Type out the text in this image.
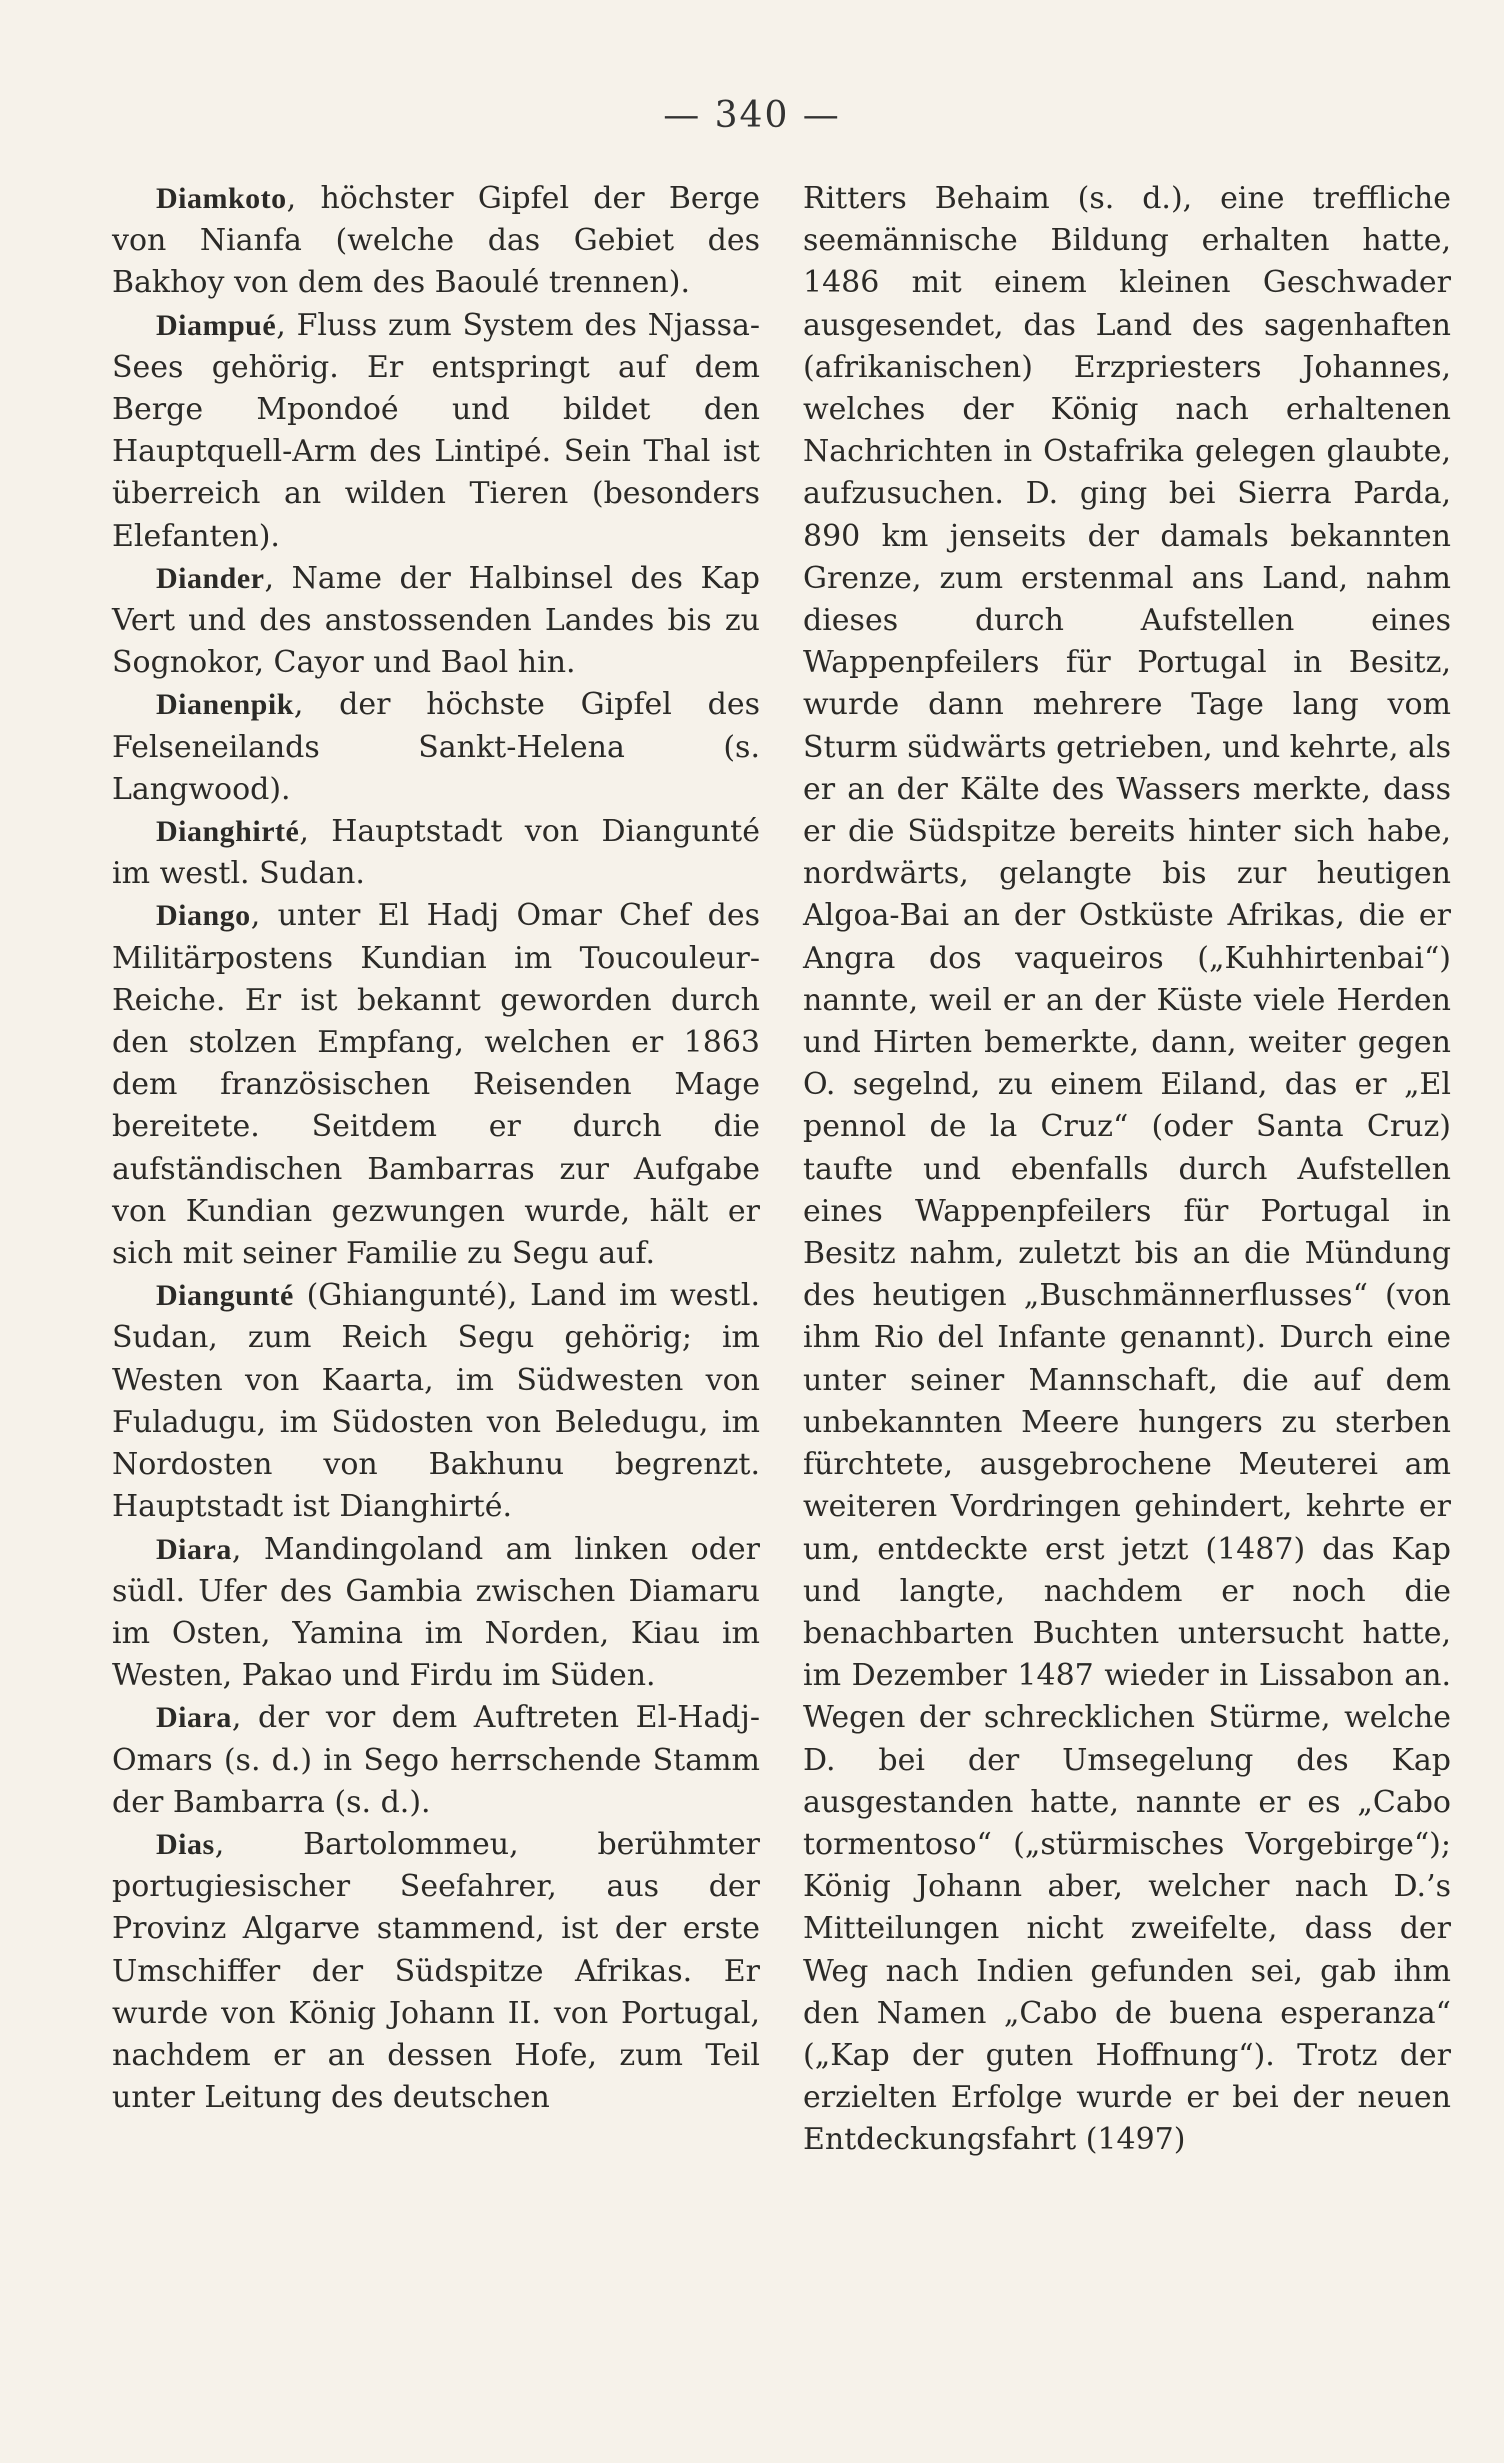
— 340 —

Diamkoto, höchster Gipfel der Berge von Nianfa (welche das Gebiet des Bakhoy von dem des Baoulé trennen).

Diampué, Fluss zum System des Njassa-Sees gehörig. Er entspringt auf dem Berge Mpondoé und bildet den Hauptquell-Arm des Lintipé. Sein Thal ist überreich an wilden Tieren (besonders Elefanten).

Diander, Name der Halbinsel des Kap Vert und des anstossenden Landes bis zu Sognokor, Cayor und Baol hin.

Dianenpik, der höchste Gipfel des Felseneilands Sankt-Helena (s. Langwood).

Dianghirté, Hauptstadt von Diangunté im westl. Sudan.

Diango, unter El Hadj Omar Chef des Militärpostens Kundian im Toucouleur-Reiche. Er ist bekannt geworden durch den stolzen Empfang, welchen er 1863 dem französischen Reisenden Mage bereitete. Seitdem er durch die aufständischen Bambarras zur Aufgabe von Kundian gezwungen wurde, hält er sich mit seiner Familie zu Segu auf.

Diangunté (Ghiangunté), Land im westl. Sudan, zum Reich Segu gehörig; im Westen von Kaarta, im Südwesten von Fuladugu, im Südosten von Beledugu, im Nordosten von Bakhunu begrenzt. Hauptstadt ist Dianghirté.

Diara, Mandingoland am linken oder südl. Ufer des Gambia zwischen Diamaru im Osten, Yamina im Norden, Kiau im Westen, Pakao und Firdu im Süden.

Diara, der vor dem Auftreten El-Hadj-Omars (s. d.) in Sego herrschende Stamm der Bambarra (s. d.).

Dias, Bartolommeu, berühmter portugiesischer Seefahrer, aus der Provinz Algarve stammend, ist der erste Umschiffer der Südspitze Afrikas. Er wurde von König Johann II. von Portugal, nachdem er an dessen Hofe, zum Teil unter Leitung des deutschen

Ritters Behaim (s. d.), eine treffliche seemännische Bildung erhalten hatte, 1486 mit einem kleinen Geschwader ausgesendet, das Land des sagenhaften (afrikanischen) Erzpriesters Johannes, welches der König nach erhaltenen Nachrichten in Ostafrika gelegen glaubte, aufzusuchen. D. ging bei Sierra Parda, 890 km jenseits der damals bekannten Grenze, zum erstenmal ans Land, nahm dieses durch Aufstellen eines Wappenpfeilers für Portugal in Besitz, wurde dann mehrere Tage lang vom Sturm südwärts getrieben, und kehrte, als er an der Kälte des Wassers merkte, dass er die Südspitze bereits hinter sich habe, nordwärts, gelangte bis zur heutigen Algoa-Bai an der Ostküste Afrikas, die er Angra dos vaqueiros („Kuhhirtenbai“) nannte, weil er an der Küste viele Herden und Hirten bemerkte, dann, weiter gegen O. segelnd, zu einem Eiland, das er „El pennol de la Cruz“ (oder Santa Cruz) taufte und ebenfalls durch Aufstellen eines Wappenpfeilers für Portugal in Besitz nahm, zuletzt bis an die Mündung des heutigen „Buschmännerflusses“ (von ihm Rio del Infante genannt). Durch eine unter seiner Mannschaft, die auf dem unbekannten Meere hungers zu sterben fürchtete, ausgebrochene Meuterei am weiteren Vordringen gehindert, kehrte er um, entdeckte erst jetzt (1487) das Kap und langte, nachdem er noch die benachbarten Buchten untersucht hatte, im Dezember 1487 wieder in Lissabon an. Wegen der schrecklichen Stürme, welche D. bei der Umsegelung des Kap ausgestanden hatte, nannte er es „Cabo tormentoso“ („stürmisches Vorgebirge“); König Johann aber, welcher nach D.’s Mitteilungen nicht zweifelte, dass der Weg nach Indien gefunden sei, gab ihm den Namen „Cabo de buena esperanza“ („Kap der guten Hoffnung“). Trotz der erzielten Erfolge wurde er bei der neuen Entdeckungsfahrt (1497)
